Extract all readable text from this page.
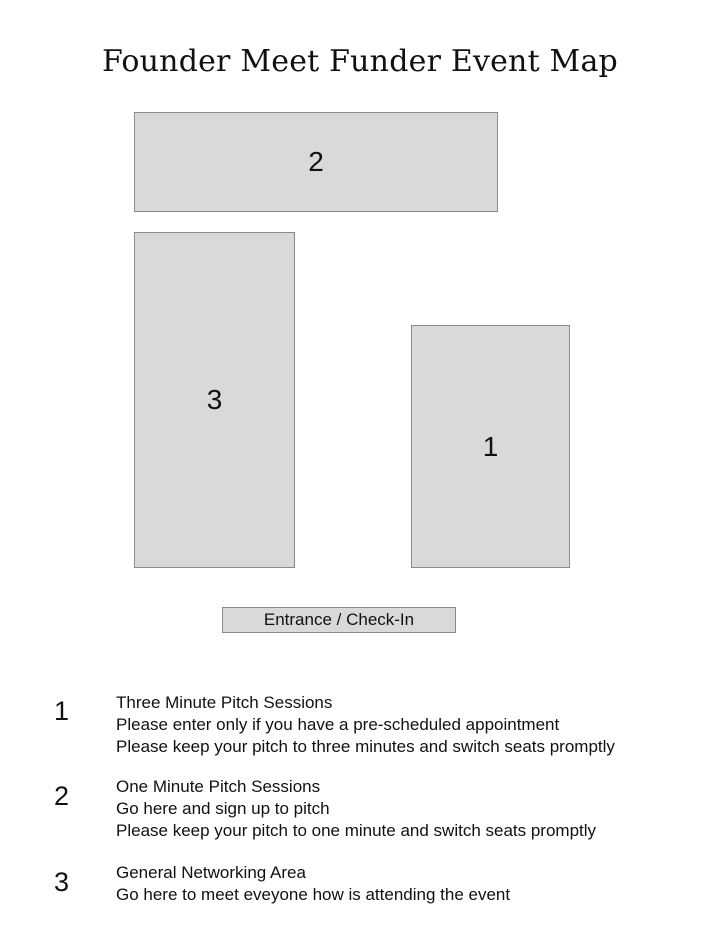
Founder Meet Funder Event Map
2
3
1
Entrance / Check-In
1	Three Minute Pitch Sessions
Please enter only if you have a pre-scheduled appointment
Please keep your pitch to three minutes and switch seats promptly
2	One Minute Pitch Sessions
Go here and sign up to pitch
Please keep your pitch to one minute and switch seats promptly
3	General Networking Area
Go here to meet eveyone how is attending the event
